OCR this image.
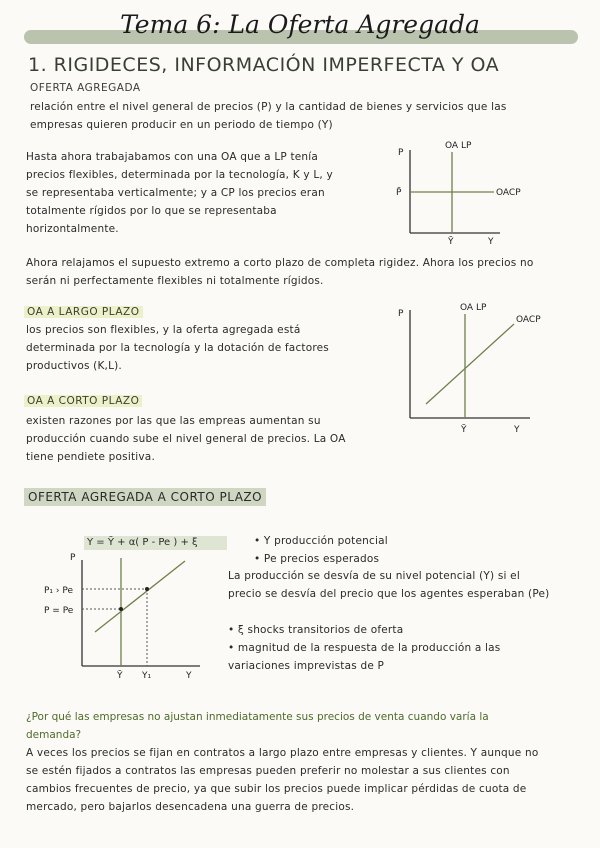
Tema 6: La Oferta Agregada
1. RIGIDECES, INFORMACIÓN IMPERFECTA Y OA
OFERTA AGREGADA
relación entre el nivel general de precios (P) y la cantidad de bienes y servicios que las
empresas quieren producir en un periodo de tiempo (Y)
Hasta ahora trabajabamos con una OA que a LP tenía
precios flexibles, determinada por la tecnología, K y L, y
se representaba verticalmente; y a CP los precios eran
totalmente rígidos por lo que se representaba
horizontalmente.
P
P̄
OA LP
OACP
Ȳ	Y
Ahora relajamos el supuesto extremo a corto plazo de completa rigidez. Ahora los precios no
serán ni perfectamente flexibles ni totalmente rígidos.
OA A LARGO PLAZO
los precios son flexibles, y la oferta agregada está
determinada por la tecnología y la dotación de factores
productivos (K,L).
OA A CORTO PLAZO
existen razones por las que las empreas aumentan su
producción cuando sube el nivel general de precios. La OA
tiene pendiete positiva.
P
OA LP
OACP
Ȳ	Y
OFERTA AGREGADA A CORTO PLAZO
Y = Ȳ + α( P - Pe ) + ξ
P
P₁ › Pe
P = Pe
Ȳ Y₁	Y
• Y producción potencial
• Pe precios esperados
La producción se desvía de su nivel potencial (Y) si el
precio se desvía del precio que los agentes esperaban (Pe)
• ξ shocks transitorios de oferta
• magnitud de la respuesta de la producción a las
variaciones imprevistas de P
¿Por qué las empresas no ajustan inmediatamente sus precios de venta cuando varía la
demanda?
A veces los precios se fijan en contratos a largo plazo entre empresas y clientes. Y aunque no
se estén fijados a contratos las empresas pueden preferir no molestar a sus clientes con
cambios frecuentes de precio, ya que subir los precios puede implicar pérdidas de cuota de
mercado, pero bajarlos desencadena una guerra de precios.
